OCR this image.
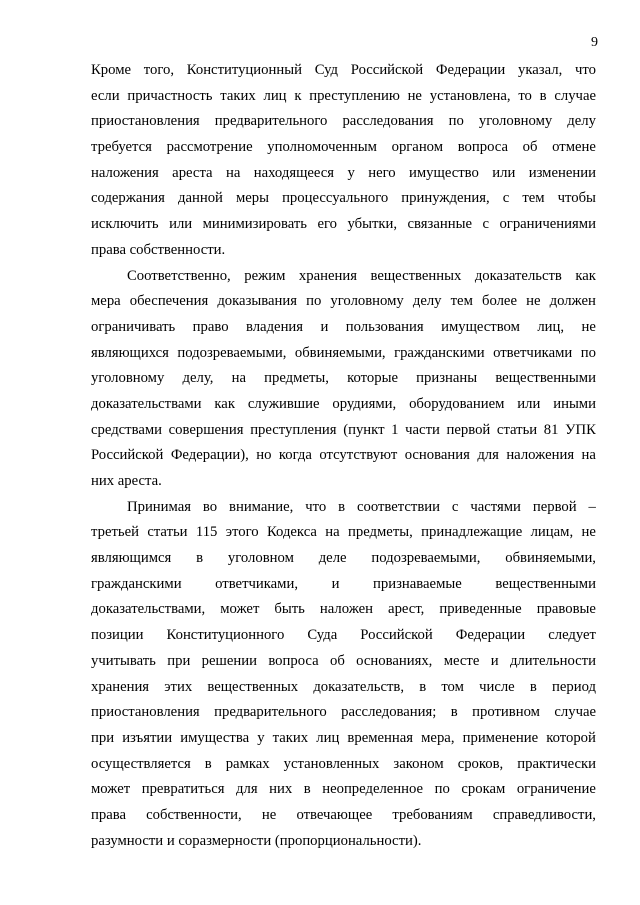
9
Кроме того, Конституционный Суд Российской Федерации указал, что
если причастность таких лиц к преступлению не установлена, то в случае
приостановления предварительного расследования по уголовному делу
требуется рассмотрение уполномоченным органом вопроса об отмене
наложения ареста на находящееся у него имущество или изменении
содержания данной меры процессуального принуждения, с тем чтобы
исключить или минимизировать его убытки, связанные с ограничениями
права собственности.
Соответственно, режим хранения вещественных доказательств как
мера обеспечения доказывания по уголовному делу тем более не должен
ограничивать право владения и пользования имуществом лиц, не
являющихся подозреваемыми, обвиняемыми, гражданскими ответчиками по
уголовному делу, на предметы, которые признаны вещественными
доказательствами как служившие орудиями, оборудованием или иными
средствами совершения преступления (пункт 1 части первой статьи 81 УПК
Российской Федерации), но когда отсутствуют основания для наложения на
них ареста.
Принимая во внимание, что в соответствии с частями первой –
третьей статьи 115 этого Кодекса на предметы, принадлежащие лицам, не
являющимся в уголовном деле подозреваемыми, обвиняемыми,
гражданскими ответчиками, и признаваемые вещественными
доказательствами, может быть наложен арест, приведенные правовые
позиции Конституционного Суда Российской Федерации следует
учитывать при решении вопроса об основаниях, месте и длительности
хранения этих вещественных доказательств, в том числе в период
приостановления предварительного расследования; в противном случае
при изъятии имущества у таких лиц временная мера, применение которой
осуществляется в рамках установленных законом сроков, практически
может превратиться для них в неопределенное по срокам ограничение
права собственности, не отвечающее требованиям справедливости,
разумности и соразмерности (пропорциональности).
